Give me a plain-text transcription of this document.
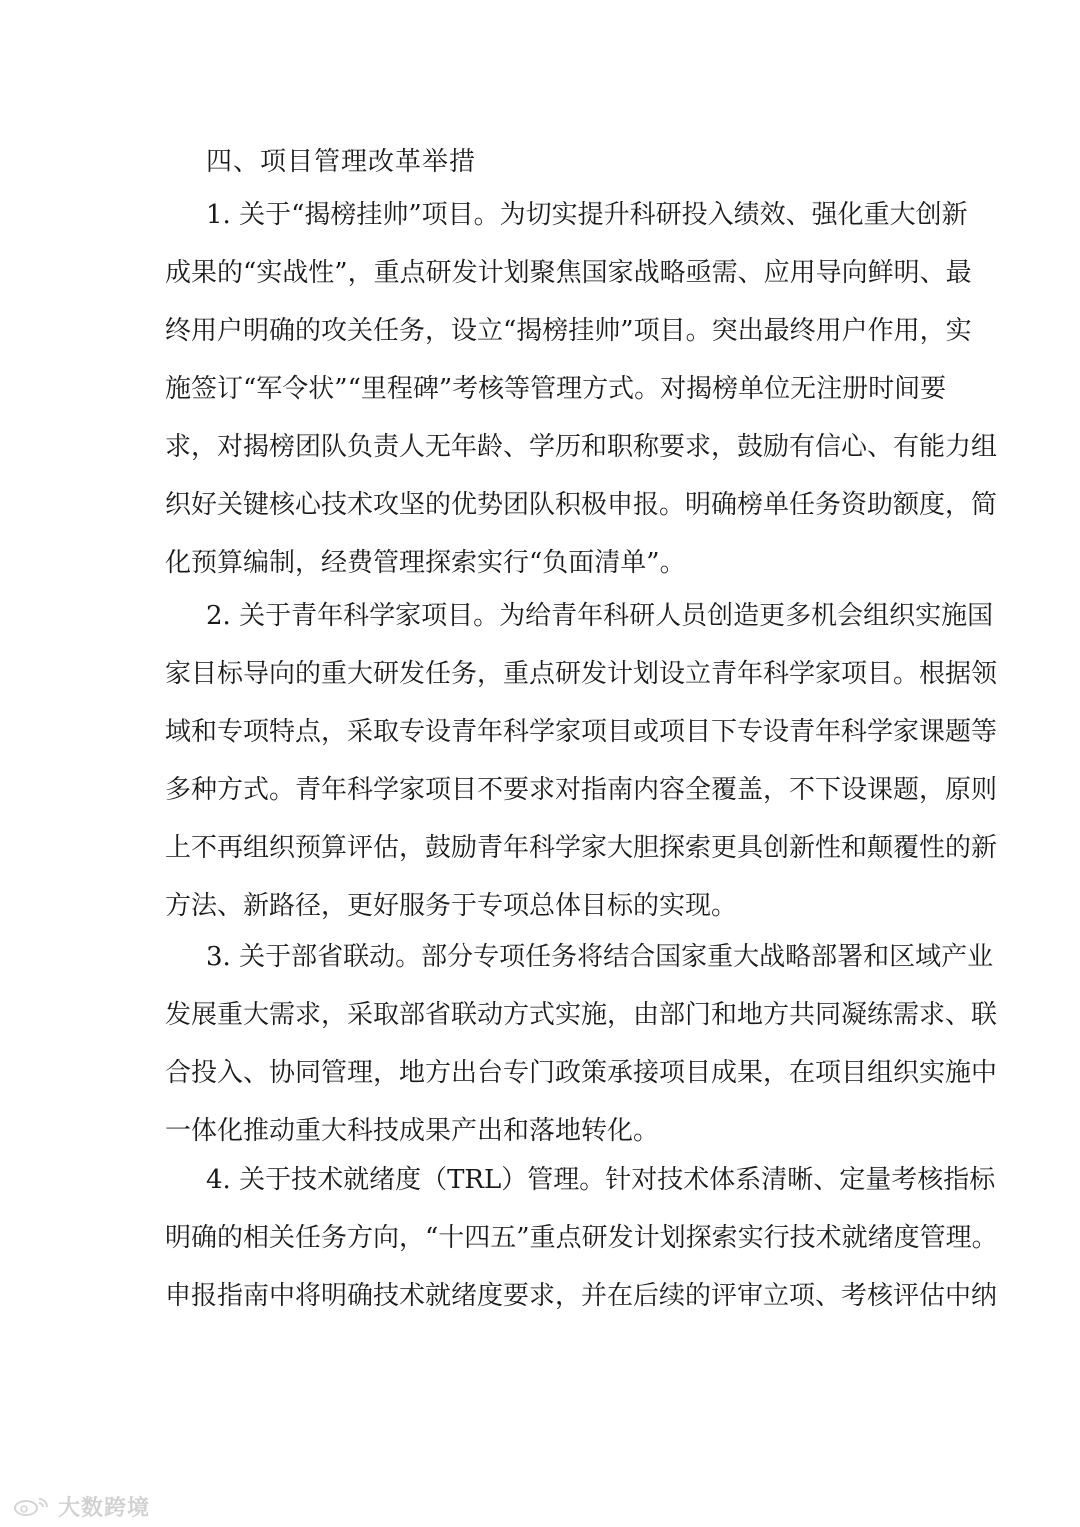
四、项目管理改革举措
1. 关于“揭榜挂帅”项目。为切实提升科研投入绩效、强化重大创新
成果的“实战性”，重点研发计划聚焦国家战略亟需、应用导向鲜明、最
终用户明确的攻关任务，设立“揭榜挂帅”项目。突出最终用户作用，实
施签订“军令状”“里程碑”考核等管理方式。对揭榜单位无注册时间要
求，对揭榜团队负责人无年龄、学历和职称要求，鼓励有信心、有能力组
织好关键核心技术攻坚的优势团队积极申报。明确榜单任务资助额度，简
化预算编制，经费管理探索实行“负面清单”。
2. 关于青年科学家项目。为给青年科研人员创造更多机会组织实施国
家目标导向的重大研发任务，重点研发计划设立青年科学家项目。根据领
域和专项特点，采取专设青年科学家项目或项目下专设青年科学家课题等
多种方式。青年科学家项目不要求对指南内容全覆盖，不下设课题，原则
上不再组织预算评估，鼓励青年科学家大胆探索更具创新性和颠覆性的新
方法、新路径，更好服务于专项总体目标的实现。
3. 关于部省联动。部分专项任务将结合国家重大战略部署和区域产业
发展重大需求，采取部省联动方式实施，由部门和地方共同凝练需求、联
合投入、协同管理，地方出台专门政策承接项目成果，在项目组织实施中
一体化推动重大科技成果产出和落地转化。
4. 关于技术就绪度（TRL）管理。针对技术体系清晰、定量考核指标
明确的相关任务方向，“十四五”重点研发计划探索实行技术就绪度管理。
申报指南中将明确技术就绪度要求，并在后续的评审立项、考核评估中纳
大数跨境
